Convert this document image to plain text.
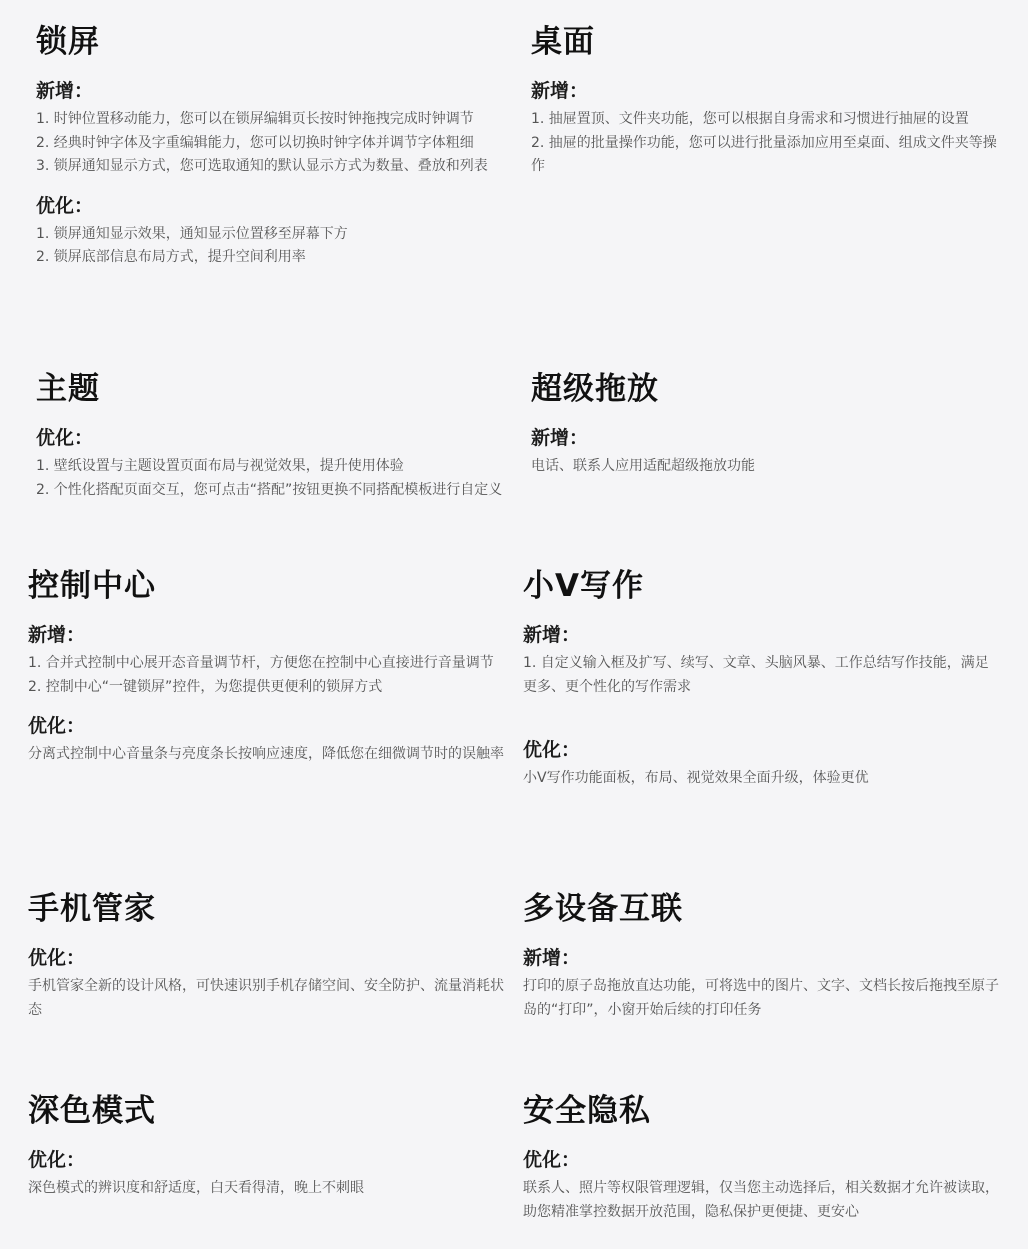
锁屏
新增：

1. 时钟位置移动能力，您可以在锁屏编辑页长按时钟拖拽完成时钟调节

2. 经典时钟字体及字重编辑能力，您可以切换时钟字体并调节字体粗细

3. 锁屏通知显示方式，您可选取通知的默认显示方式为数量、叠放和列表

优化：

1. 锁屏通知显示效果，通知显示位置移至屏幕下方

2. 锁屏底部信息布局方式，提升空间利用率

桌面
新增：

1. 抽屉置顶、文件夹功能，您可以根据自身需求和习惯进行抽屉的设置

2. 抽屉的批量操作功能，您可以进行批量添加应用至桌面、组成文件夹等操作

主题
优化：

1. 壁纸设置与主题设置页面布局与视觉效果，提升使用体验

2. 个性化搭配页面交互，您可点击“搭配”按钮更换不同搭配模板进行自定义

超级拖放
新增：

电话、联系人应用适配超级拖放功能

控制中心
新增：

1. 合并式控制中心展开态音量调节杆，方便您在控制中心直接进行音量调节

2. 控制中心“一键锁屏”控件，为您提供更便利的锁屏方式

优化：

分离式控制中心音量条与亮度条长按响应速度，降低您在细微调节时的误触率

小V写作
新增：

1. 自定义输入框及扩写、续写、文章、头脑风暴、工作总结写作技能，满足更多、更个性化的写作需求

优化：

小V写作功能面板，布局、视觉效果全面升级，体验更优

手机管家
优化：

手机管家全新的设计风格，可快速识别手机存储空间、安全防护、流量消耗状态

多设备互联
新增：

打印的原子岛拖放直达功能，可将选中的图片、文字、文档长按后拖拽至原子岛的“打印”，小窗开始后续的打印任务

深色模式
优化：

深色模式的辨识度和舒适度，白天看得清，晚上不刺眼

安全隐私
优化：

联系人、照片等权限管理逻辑，仅当您主动选择后，相关数据才允许被读取，助您精准掌控数据开放范围，隐私保护更便捷、更安心
